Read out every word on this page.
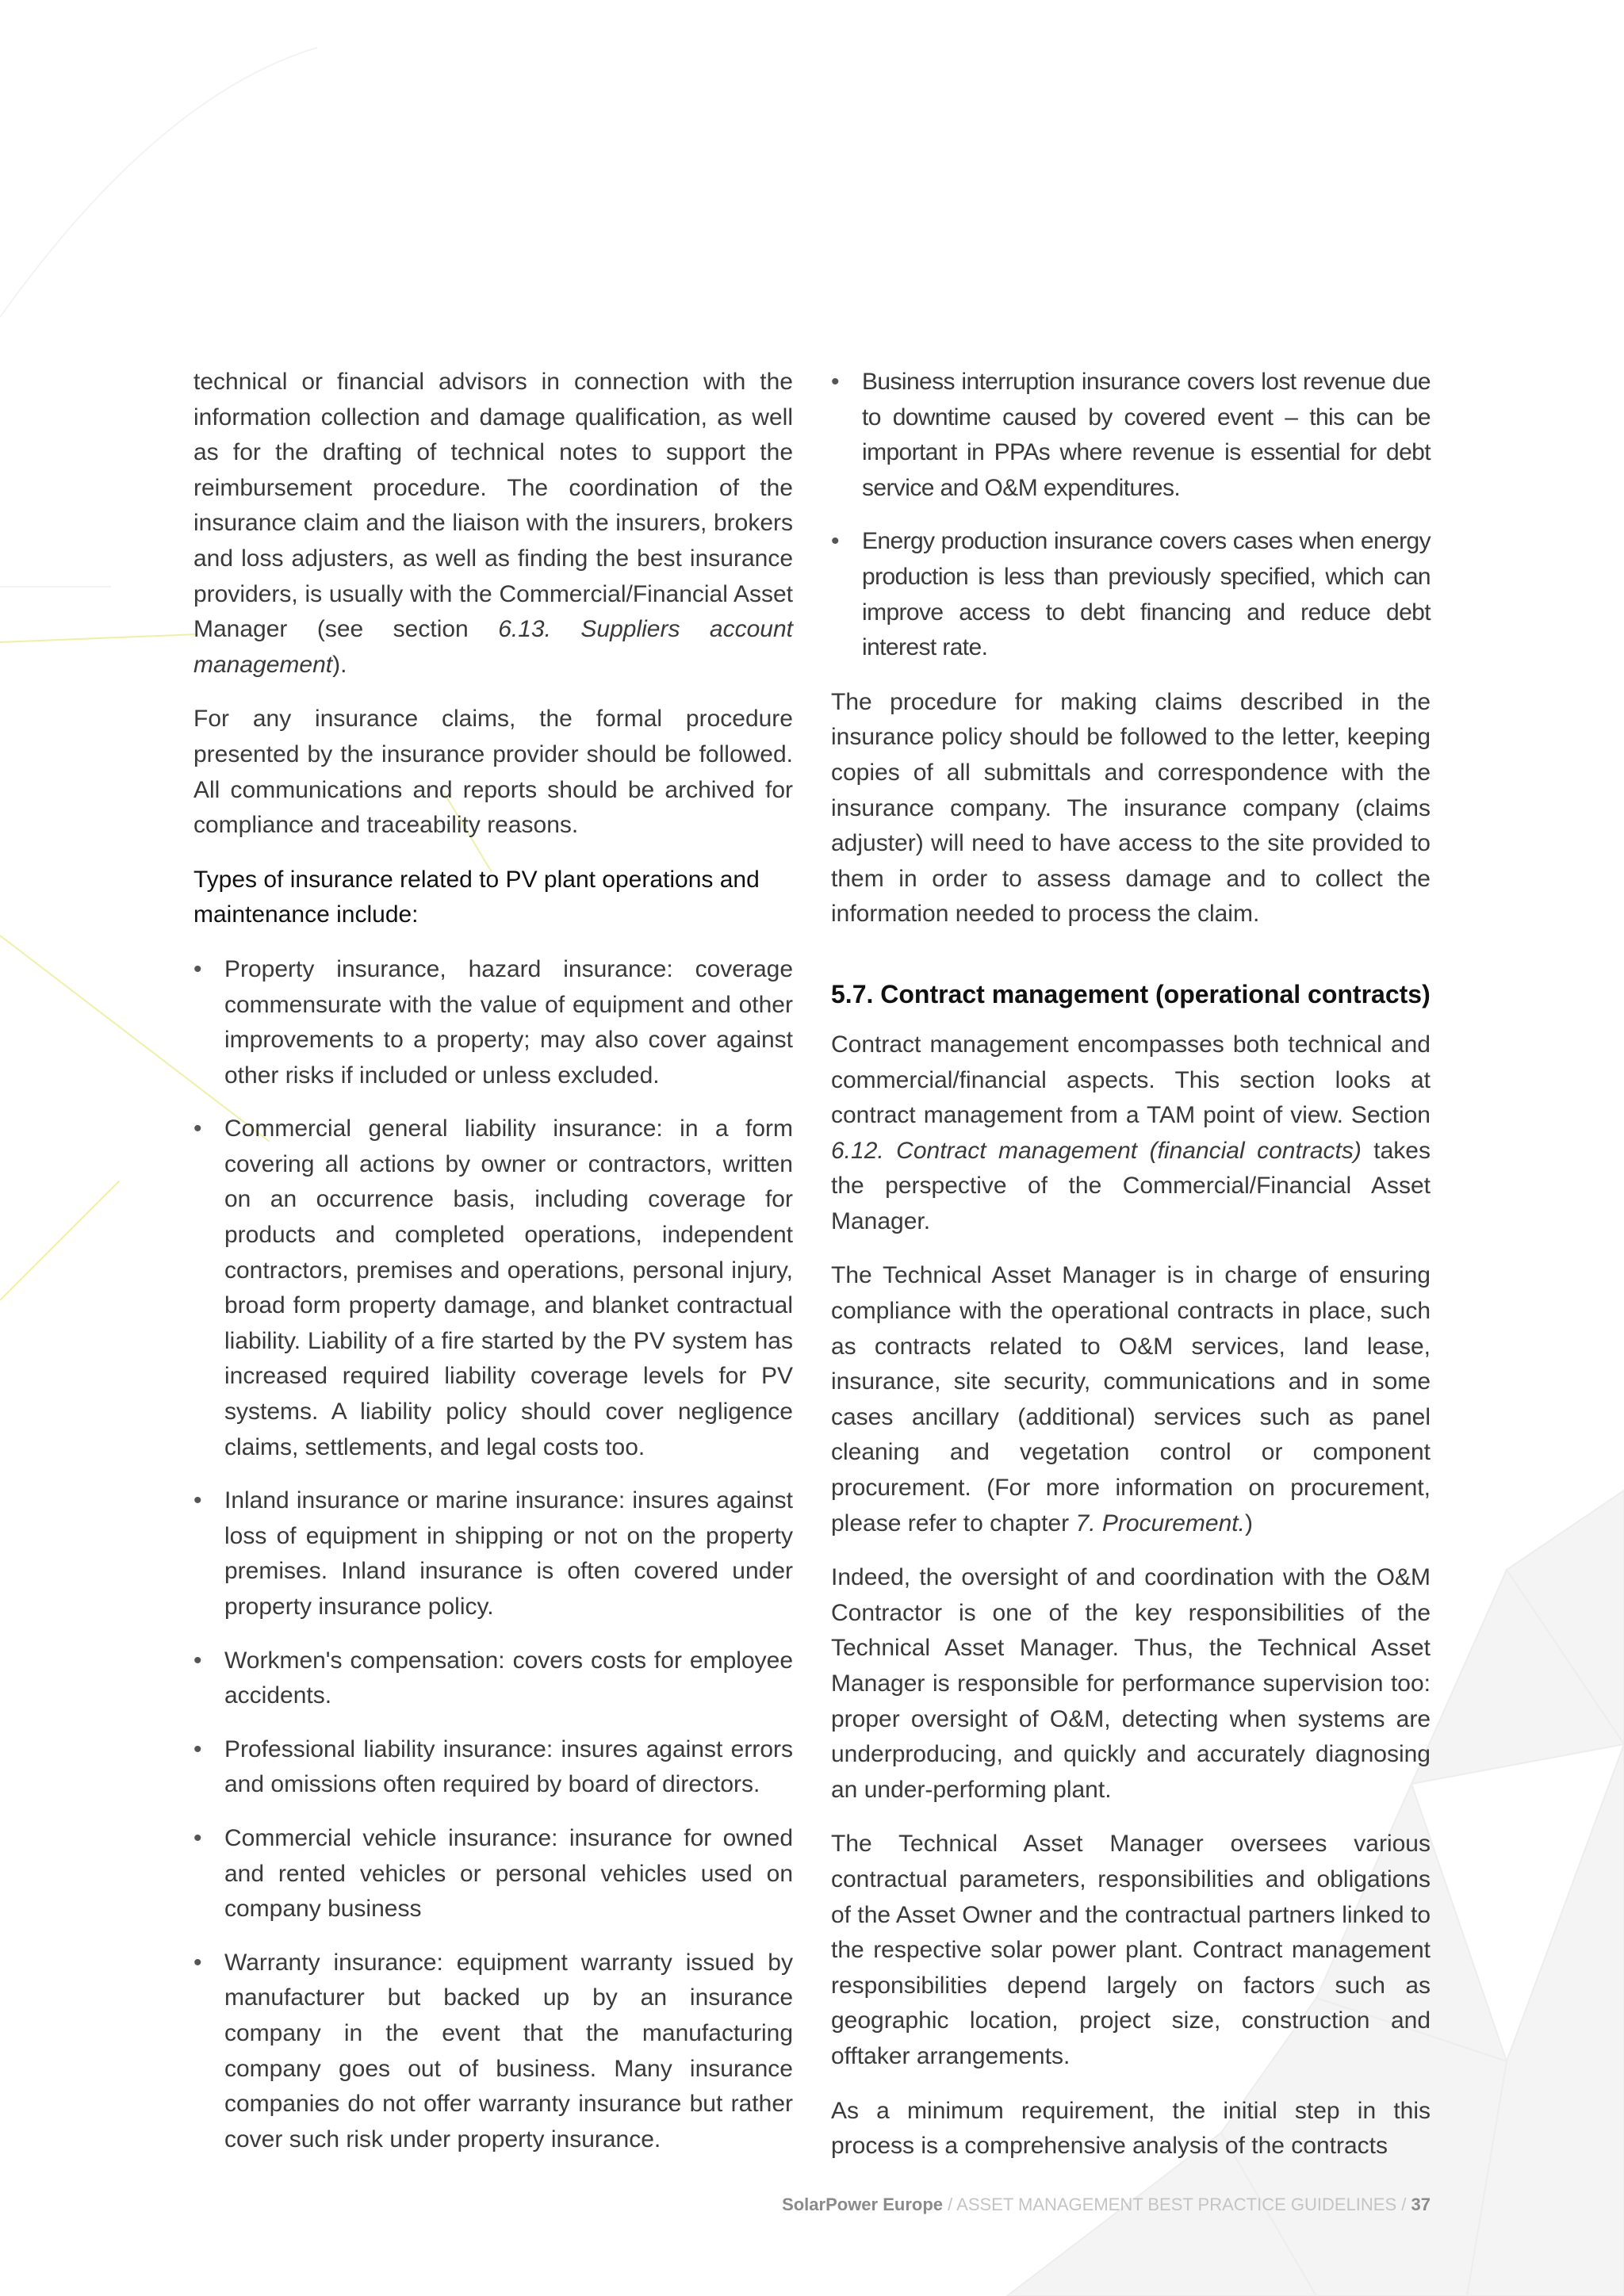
technical or financial advisors in connection with the information collection and damage qualification, as well as for the drafting of technical notes to support the reimbursement procedure. The coordination of the insurance claim and the liaison with the insurers, brokers and loss adjusters, as well as finding the best insurance providers, is usually with the Commercial/Financial Asset Manager (see section 6.13. Suppliers account management).

For any insurance claims, the formal procedure presented by the insurance provider should be followed. All communications and reports should be archived for compliance and traceability reasons.

Types of insurance related to PV plant operations and maintenance include:

• Property insurance, hazard insurance: coverage commensurate with the value of equipment and other improvements to a property; may also cover against other risks if included or unless excluded.
• Commercial general liability insurance: in a form covering all actions by owner or contractors, written on an occurrence basis, including coverage for products and completed operations, independent contractors, premises and operations, personal injury, broad form property damage, and blanket contractual liability. Liability of a fire started by the PV system has increased required liability coverage levels for PV systems. A liability policy should cover negligence claims, settlements, and legal costs too.
• Inland insurance or marine insurance: insures against loss of equipment in shipping or not on the property premises. Inland insurance is often covered under property insurance policy.
• Workmen's compensation: covers costs for employee accidents.
• Professional liability insurance: insures against errors and omissions often required by board of directors.
• Commercial vehicle insurance: insurance for owned and rented vehicles or personal vehicles used on company business
• Warranty insurance: equipment warranty issued by manufacturer but backed up by an insurance company in the event that the manufacturing company goes out of business. Many insurance companies do not offer warranty insurance but rather cover such risk under property insurance.
• Business interruption insurance covers lost revenue due to downtime caused by covered event – this can be important in PPAs where revenue is essential for debt service and O&M expenditures.
• Energy production insurance covers cases when energy production is less than previously specified, which can improve access to debt financing and reduce debt interest rate.

The procedure for making claims described in the insurance policy should be followed to the letter, keeping copies of all submittals and correspondence with the insurance company. The insurance company (claims adjuster) will need to have access to the site provided to them in order to assess damage and to collect the information needed to process the claim.

5.7. Contract management (operational contracts)

Contract management encompasses both technical and commercial/financial aspects. This section looks at contract management from a TAM point of view. Section 6.12. Contract management (financial contracts) takes the perspective of the Commercial/Financial Asset Manager.

The Technical Asset Manager is in charge of ensuring compliance with the operational contracts in place, such as contracts related to O&M services, land lease, insurance, site security, communications and in some cases ancillary (additional) services such as panel cleaning and vegetation control or component procurement. (For more information on procurement, please refer to chapter 7. Procurement.)

Indeed, the oversight of and coordination with the O&M Contractor is one of the key responsibilities of the Technical Asset Manager. Thus, the Technical Asset Manager is responsible for performance supervision too: proper oversight of O&M, detecting when systems are underproducing, and quickly and accurately diagnosing an under-performing plant.

The Technical Asset Manager oversees various contractual parameters, responsibilities and obligations of the Asset Owner and the contractual partners linked to the respective solar power plant. Contract management responsibilities depend largely on factors such as geographic location, project size, construction and offtaker arrangements.

As a minimum requirement, the initial step in this process is a comprehensive analysis of the contracts

SolarPower Europe / ASSET MANAGEMENT BEST PRACTICE GUIDELINES / 37
